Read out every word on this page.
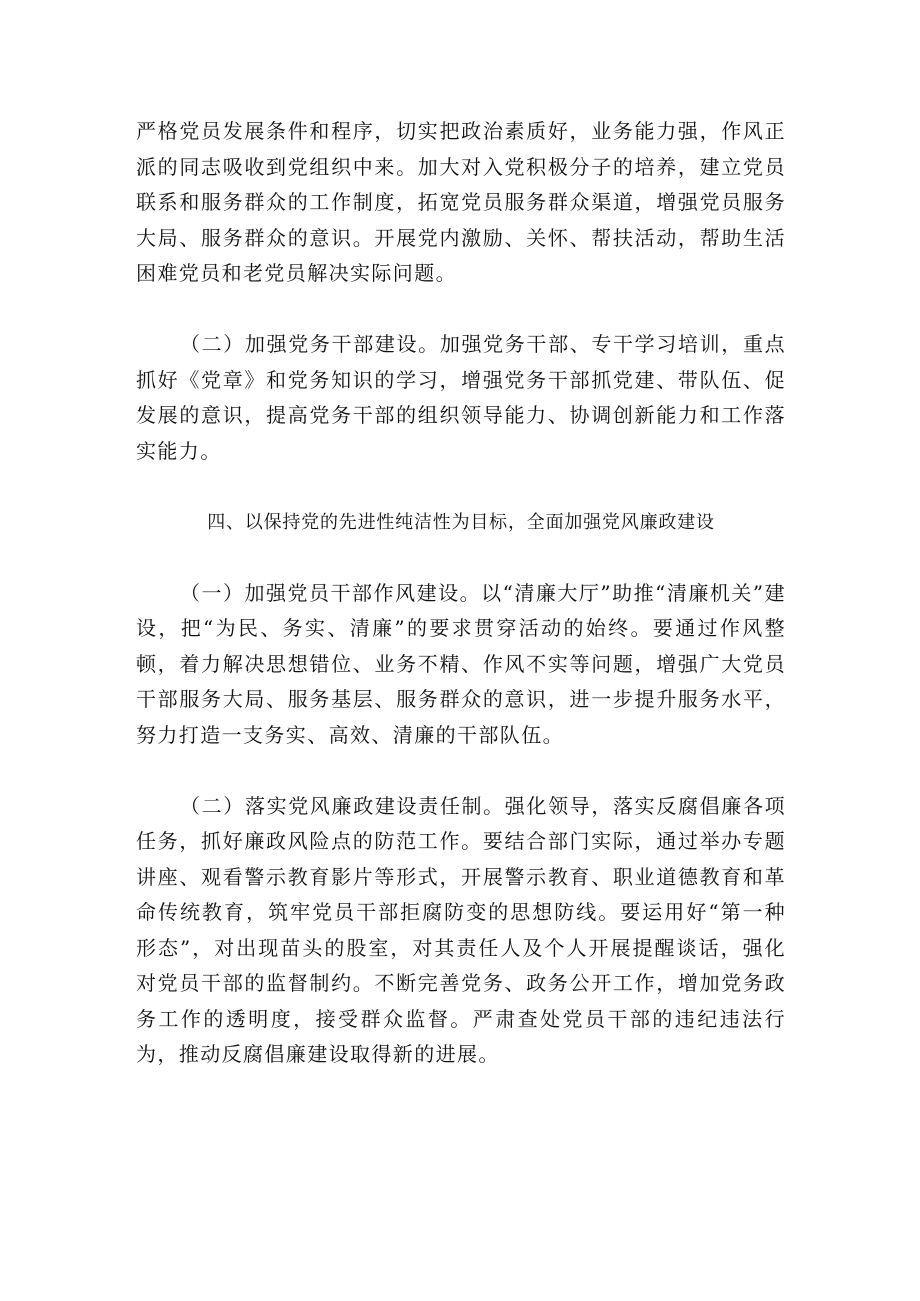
严格党员发展条件和程序，切实把政治素质好，业务能力强，作风正派的同志吸收到党组织中来。加大对入党积极分子的培养，建立党员联系和服务群众的工作制度，拓宽党员服务群众渠道，增强党员服务大局、服务群众的意识。开展党内激励、关怀、帮扶活动，帮助生活困难党员和老党员解决实际问题。

（二）加强党务干部建设。加强党务干部、专干学习培训，重点抓好《党章》和党务知识的学习，增强党务干部抓党建、带队伍、促发展的意识，提高党务干部的组织领导能力、协调创新能力和工作落实能力。

四、以保持党的先进性纯洁性为目标，全面加强党风廉政建设

（一）加强党员干部作风建设。以“清廉大厅”助推“清廉机关”建设，把“为民、务实、清廉”的要求贯穿活动的始终。要通过作风整顿，着力解决思想错位、业务不精、作风不实等问题，增强广大党员干部服务大局、服务基层、服务群众的意识，进一步提升服务水平，努力打造一支务实、高效、清廉的干部队伍。

（二）落实党风廉政建设责任制。强化领导，落实反腐倡廉各项任务，抓好廉政风险点的防范工作。要结合部门实际，通过举办专题讲座、观看警示教育影片等形式，开展警示教育、职业道德教育和革命传统教育，筑牢党员干部拒腐防变的思想防线。要运用好“第一种形态”，对出现苗头的股室，对其责任人及个人开展提醒谈话，强化对党员干部的监督制约。不断完善党务、政务公开工作，增加党务政务工作的透明度，接受群众监督。严肃查处党员干部的违纪违法行为，推动反腐倡廉建设取得新的进展。
